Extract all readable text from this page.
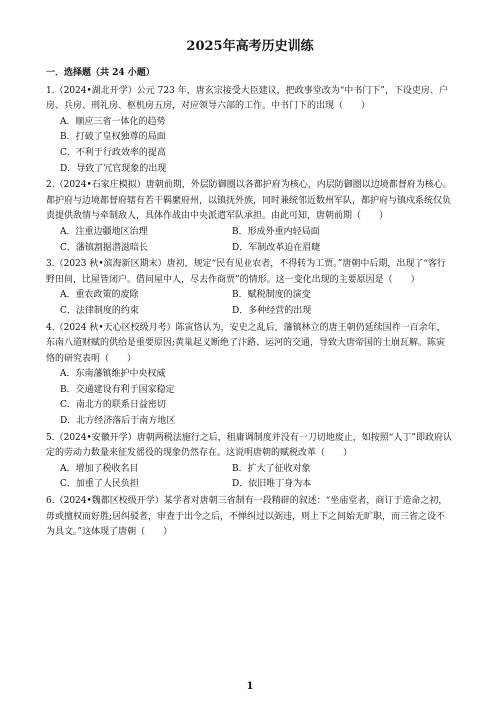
2025年高考历史训练
一．选择题（共 24 小题）
1.（2024•湖北开学）公元 723 年，唐玄宗接受大臣建议，把政事堂改为“中书门下”，下设吏房、户房、兵房、刑礼房、枢机房五房，对应领导六部的工作。中书门下的出现（　　）
A．顺应三省一体化的趋势
B．打破了皇权独尊的局面
C．不利于行政效率的提高
D．导致了冗官现象的出现
2.（2024•石家庄模拟）唐朝前期，外层防御圈以各都护府为核心，内层防御圈以边境都督府为核心。都护府与边境都督府辖有若干羁縻府州，以镇抚外族，同时兼统邻近数州军队，都护府与镇戍系统仅负责提供敌情与牵制敌人，具体作战由中央派遣军队承担。由此可知，唐朝前期（　　）
A．注重边疆地区治理	B．形成外重内轻局面
C．藩镇割据潜滋暗长	D．军制改革迫在眉睫
3.（2023 秋•滨海新区期末）唐初，规定“民有见业农者，不得转为工贾。”唐朝中后期，出现了“客行野田间，比屋皆闭户。借问屋中人，尽去作商贾”的情形。这一变化出现的主要原因是（　　）
A．重农政策的废除	B．赋税制度的演变
C．法律制度的约束	D．多种经营的出现
4.（2024 秋•天心区校级月考）陈寅恪认为，安史之乱后，藩镇林立的唐王朝仍延续国祚一百余年，东南八道财赋的供给是重要原因;黄巢起义断绝了汴路、运河的交通，导致大唐帝国的土崩瓦解。陈寅恪的研究表明（　　）
A．东南藩镇维护中央权威
B．交通建设有利于国家稳定
C．南北方的联系日益密切
D．北方经济落后于南方地区
5.（2024•安徽开学）唐朝两税法施行之后，租庸调制度并没有一刀切地废止，如按照“人丁”即政府认定的劳动力数量来征发徭役的现象仍然存在。这说明唐朝的赋税改革（　　）
A．增加了税收名目	B．扩大了征收对象
C．加重了人民负担	D．依旧唯丁身为本
6.（2024•魏都区校级开学）某学者对唐朝三省制有一段精辟的叙述：“坐庙堂者，商订于造命之初，毋或擅权而好胜;居纠驳者，审查于出令之后，不惮纠过以弼违，则上下之间始无旷职，而三省之设不为具文。”这体现了唐朝（　　）
1
